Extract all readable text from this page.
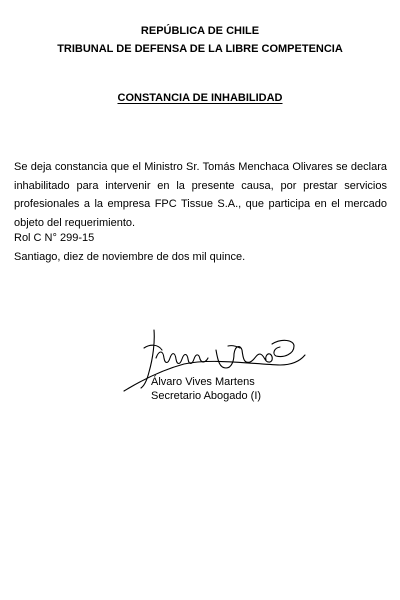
REPÚBLICA DE CHILE
TRIBUNAL DE DEFENSA DE LA LIBRE COMPETENCIA
CONSTANCIA DE INHABILIDAD
Se deja constancia que el Ministro Sr. Tomás Menchaca Olivares se declara inhabilitado para intervenir en la presente causa, por prestar servicios profesionales a la empresa FPC Tissue S.A., que participa en el mercado objeto del requerimiento.
Rol C N° 299-15
Santiago, diez de noviembre de dos mil quince.
Álvaro Vives Martens
Secretario Abogado (I)
